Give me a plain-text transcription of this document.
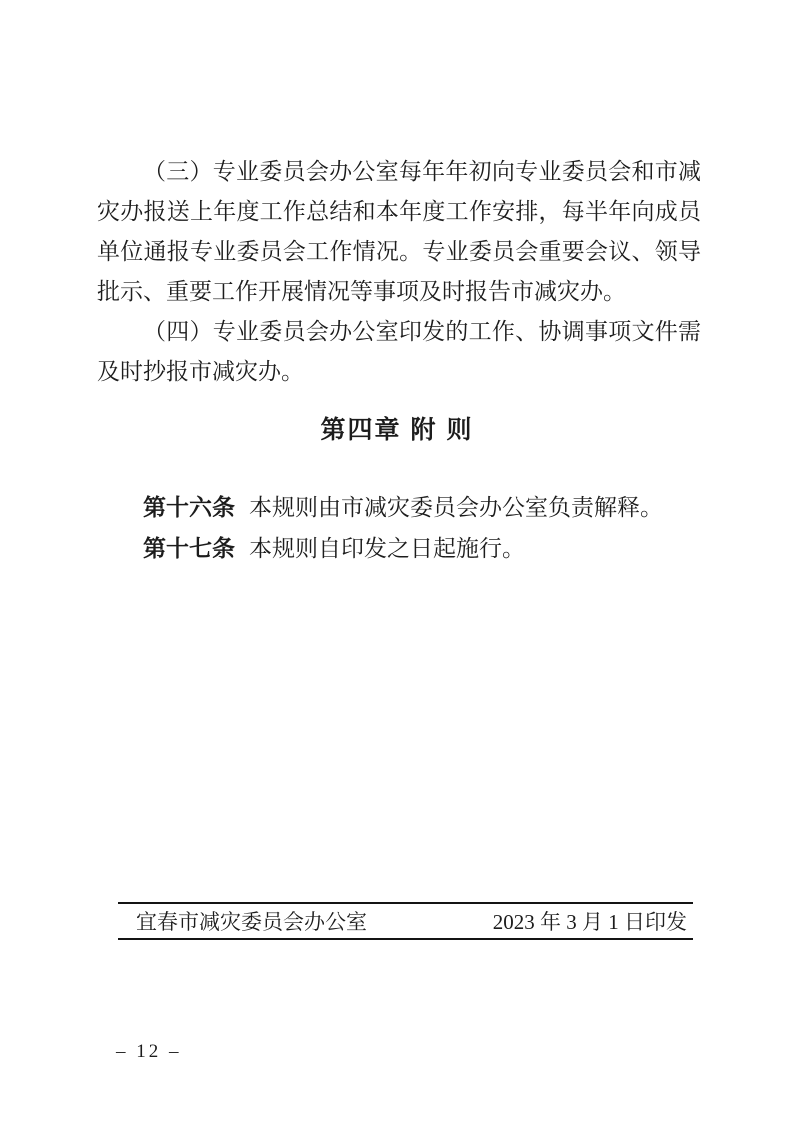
（三）专业委员会办公室每年年初向专业委员会和市减灾办报送上年度工作总结和本年度工作安排，每半年向成员单位通报专业委员会工作情况。专业委员会重要会议、领导批示、重要工作开展情况等事项及时报告市减灾办。

（四）专业委员会办公室印发的工作、协调事项文件需及时抄报市减灾办。

第四章 附 则
第十六条 本规则由市减灾委员会办公室负责解释。
第十七条 本规则自印发之日起施行。
宜春市减灾委员会办公室	2023 年 3 月 1 日印发
– 12 –
